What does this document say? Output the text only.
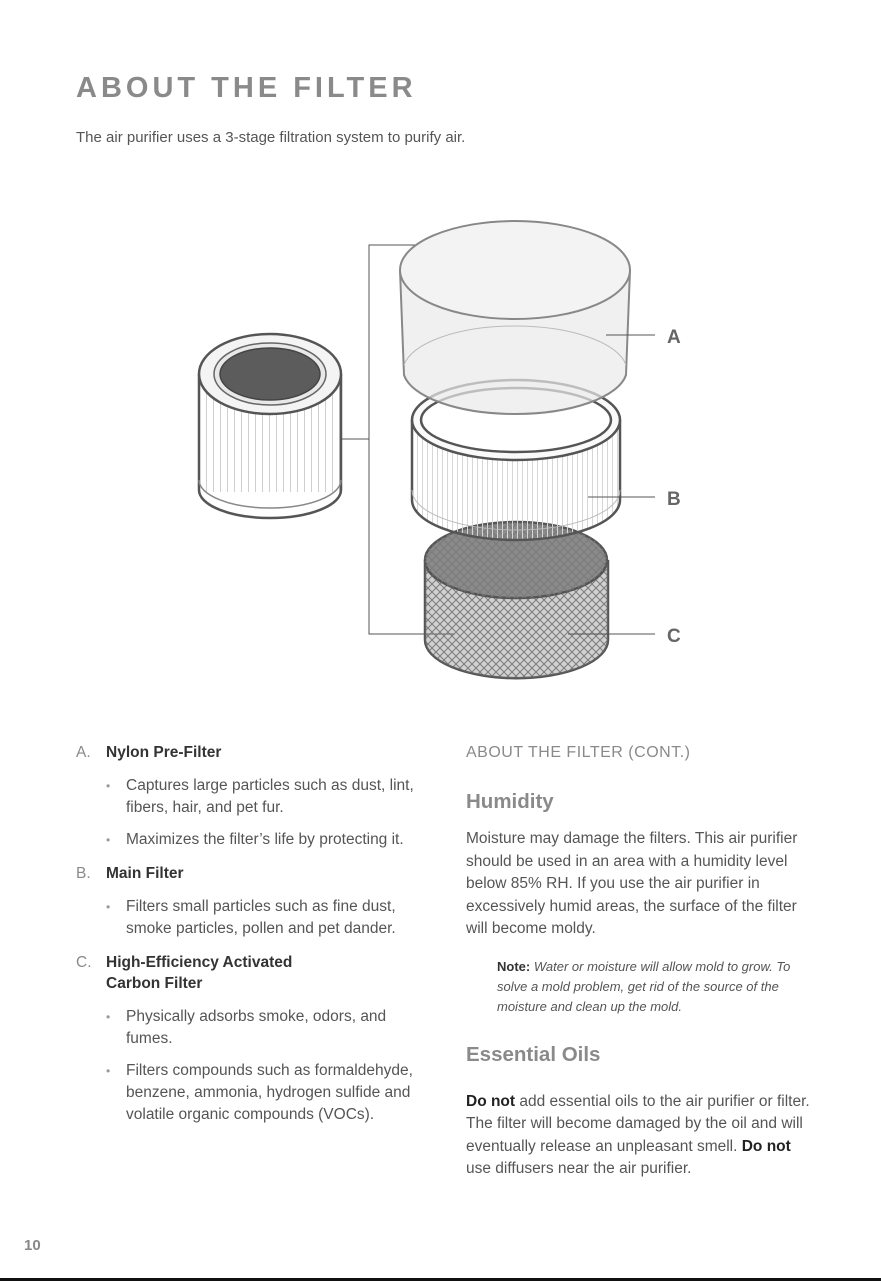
ABOUT THE FILTER

The air purifier uses a 3-stage filtration system to purify air.

A
B
C
A. Nylon Pre-Filter
• Captures large particles such as dust, lint, fibers, hair, and pet fur.
• Maximizes the filter’s life by protecting it.
B. Main Filter
• Filters small particles such as fine dust, smoke particles, pollen and pet dander.
C. High-Efficiency Activated Carbon Filter
• Physically adsorbs smoke, odors, and fumes.
• Filters compounds such as formaldehyde, benzene, ammonia, hydrogen sulfide and volatile organic compounds (VOCs).

ABOUT THE FILTER (CONT.)

Humidity

Moisture may damage the filters. This air purifier should be used in an area with a humidity level below 85% RH. If you use the air purifier in excessively humid areas, the surface of the filter will become moldy.

Note: Water or moisture will allow mold to grow. To solve a mold problem, get rid of the source of the moisture and clean up the mold.

Essential Oils

Do not add essential oils to the air purifier or filter. The filter will become damaged by the oil and will eventually release an unpleasant smell. Do not use diffusers near the air purifier.

10
